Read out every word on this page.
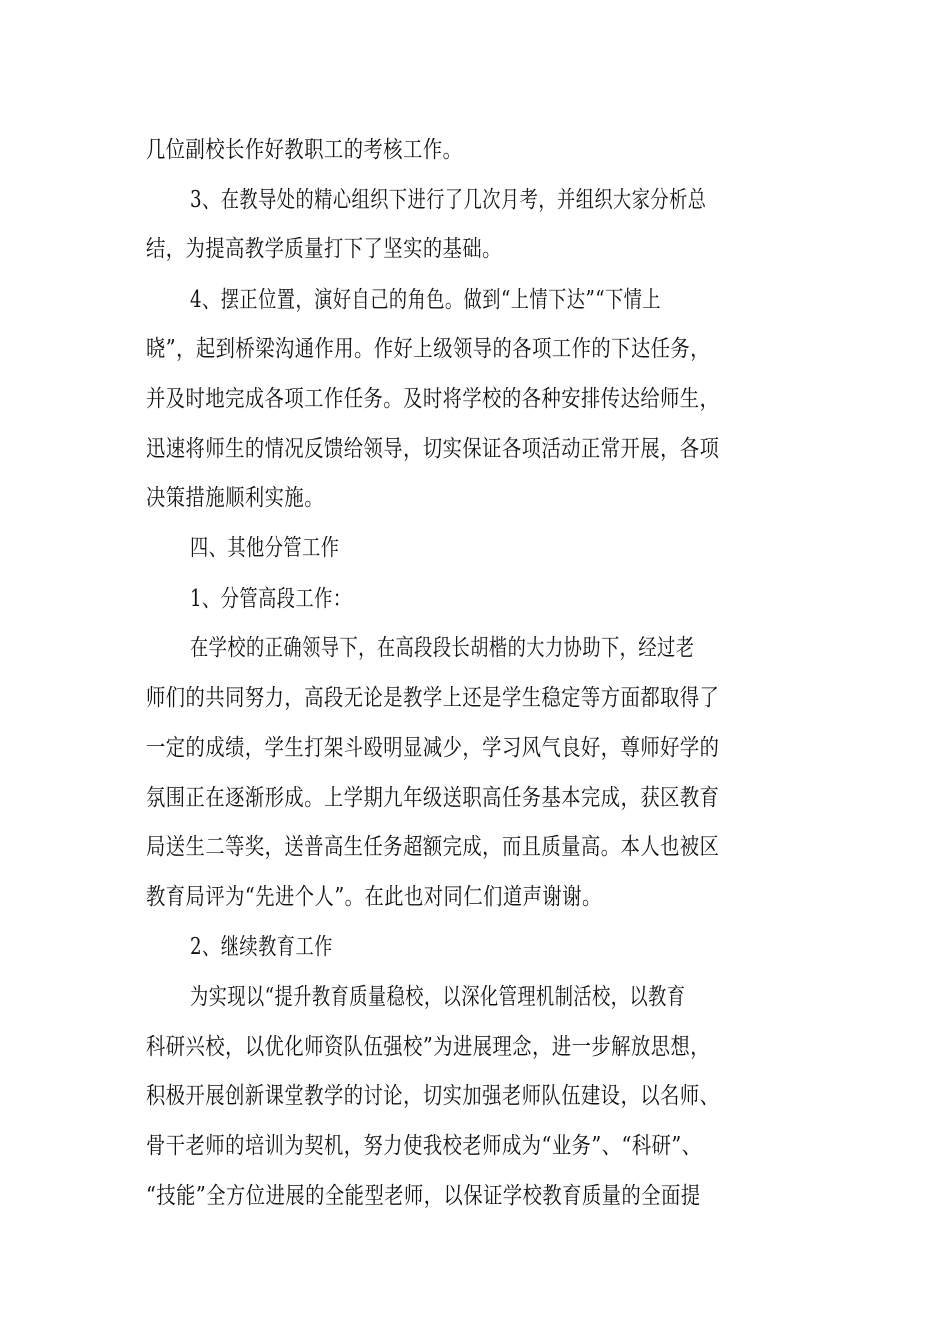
几位副校长作好教职工的考核工作。
3、在教导处的精心组织下进行了几次月考，并组织大家分析总
结，为提高教学质量打下了坚实的基础。
4、摆正位置，演好自己的角色。做到“上情下达”“下情上
晓”，起到桥梁沟通作用。作好上级领导的各项工作的下达任务，
并及时地完成各项工作任务。及时将学校的各种安排传达给师生，
迅速将师生的情况反馈给领导，切实保证各项活动正常开展，各项
决策措施顺利实施。
四、其他分管工作
1、分管高段工作：
在学校的正确领导下，在高段段长胡楷的大力协助下，经过老
师们的共同努力，高段无论是教学上还是学生稳定等方面都取得了
一定的成绩，学生打架斗殴明显减少，学习风气良好，尊师好学的
氛围正在逐渐形成。上学期九年级送职高任务基本完成，获区教育
局送生二等奖，送普高生任务超额完成，而且质量高。本人也被区
教育局评为“先进个人”。在此也对同仁们道声谢谢。
2、继续教育工作
为实现以“提升教育质量稳校，以深化管理机制活校，以教育
科研兴校，以优化师资队伍强校”为进展理念，进一步解放思想，
积极开展创新课堂教学的讨论，切实加强老师队伍建设，以名师、
骨干老师的培训为契机，努力使我校老师成为“业务”、“科研”、
“技能”全方位进展的全能型老师，以保证学校教育质量的全面提
